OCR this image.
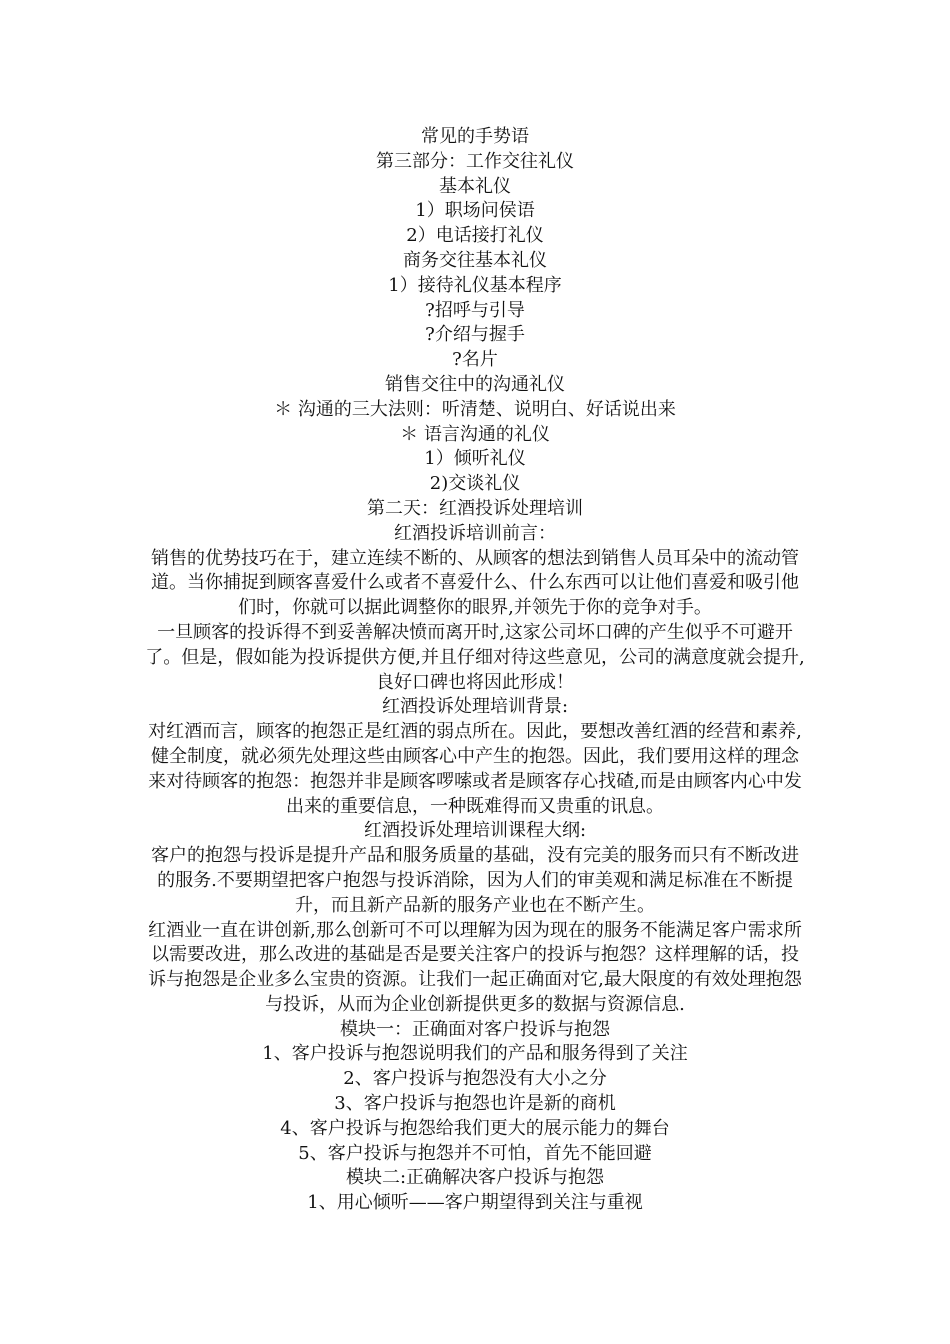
常见的手势语
第三部分：工作交往礼仪
基本礼仪
1）职场问侯语
2）电话接打礼仪
商务交往基本礼仪
1）接待礼仪基本程序
?招呼与引导
?介绍与握手
?名片
销售交往中的沟通礼仪
＊ 沟通的三大法则：听清楚、说明白、好话说出来
＊ 语言沟通的礼仪
1）倾听礼仪
2)交谈礼仪
第二天：红酒投诉处理培训
红酒投诉培训前言：

销售的优势技巧在于，建立连续不断的、从顾客的想法到销售人员耳朵中的流动管道。当你捕捉到顾客喜爱什么或者不喜爱什么、什么东西可以让他们喜爱和吸引他们时，你就可以据此调整你的眼界,并领先于你的竞争对手。

一旦顾客的投诉得不到妥善解决愤而离开时,这家公司坏口碑的产生似乎不可避开了。但是，假如能为投诉提供方便,并且仔细对待这些意见，公司的满意度就会提升,良好口碑也将因此形成！

红酒投诉处理培训背景:

对红酒而言，顾客的抱怨正是红酒的弱点所在。因此，要想改善红酒的经营和素养,健全制度，就必须先处理这些由顾客心中产生的抱怨。因此，我们要用这样的理念来对待顾客的抱怨：抱怨并非是顾客啰嗦或者是顾客存心找碴,而是由顾客内心中发出来的重要信息，一种既难得而又贵重的讯息。

红酒投诉处理培训课程大纲:

客户的抱怨与投诉是提升产品和服务质量的基础，没有完美的服务而只有不断改进的服务.不要期望把客户抱怨与投诉消除，因为人们的审美观和满足标准在不断提升，而且新产品新的服务产业也在不断产生。

红酒业一直在讲创新,那么创新可不可以理解为因为现在的服务不能满足客户需求所以需要改进，那么改进的基础是否是要关注客户的投诉与抱怨？这样理解的话，投诉与抱怨是企业多么宝贵的资源。让我们一起正确面对它,最大限度的有效处理抱怨与投诉，从而为企业创新提供更多的数据与资源信息.

模块一：正确面对客户投诉与抱怨
1、客户投诉与抱怨说明我们的产品和服务得到了关注
2、客户投诉与抱怨没有大小之分
3、客户投诉与抱怨也许是新的商机
4、客户投诉与抱怨给我们更大的展示能力的舞台
5、客户投诉与抱怨并不可怕，首先不能回避
模块二:正确解决客户投诉与抱怨
1、用心倾听——客户期望得到关注与重视
